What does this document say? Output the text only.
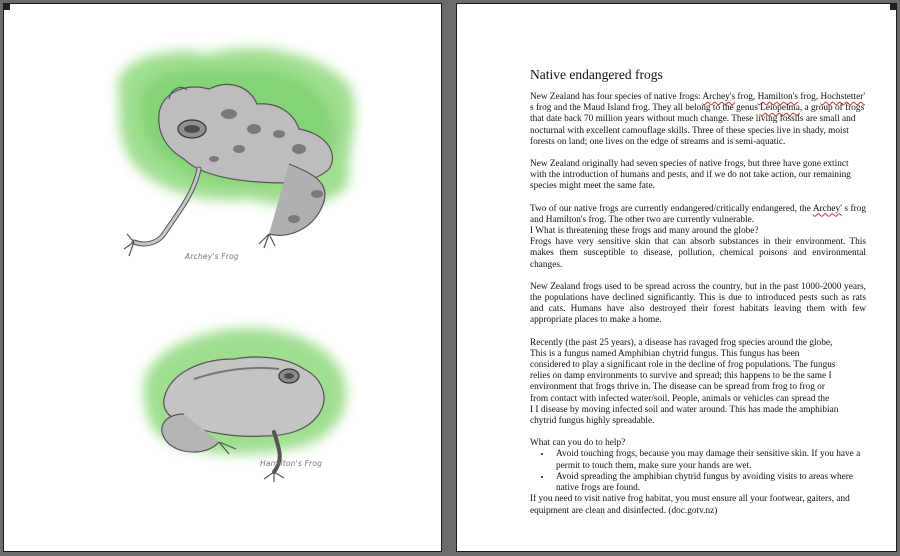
Archey's Frog
Hamilton's Frog
Native endangered frogs

New Zealand has four species of native frogs: Archey's frog, Hamilton's frog, Hochstetter' s frog and the Maud Island frog. They all belong to the genus Leiopelma, a group of frogs that date back 70 million years without much change. These living fossils are small and nocturnal with excellent camouflage skills. Three of these species live in shady, moist forests on land; one lives on the edge of streams and is semi-aquatic.

New Zealand originally had seven species of native frogs, but three have gone extinct with the introduction of humans and pests, and if we do not take action, our remaining species might meet the same fate.

Two of our native frogs are currently endangered/critically endangered, the Archey' s frog and Hamilton's frog. The other two are currently vulnerable.
I What is threatening these frogs and many around the globe?
Frogs have very sensitive skin that can absorb substances in their environment. This makes them susceptible to disease, pollution, chemical poisons and environmental changes.

New Zealand frogs used to be spread across the country, but in the past 1000-2000 years, the populations have declined significantly. This is due to introduced pests such as rats and cats. Humans have also destroyed their forest habitats leaving them with few appropriate places to make a home.

Recently (the past 25 years), a disease has ravaged frog species around the globe,
This is a fungus named Amphibian chytrid fungus. This fungus has been
considered to play a significant role in the decline of frog populations. The fungus
relies on damp environments to survive and spread; this happens to be the same I
environment that frogs thrive in. The disease can be spread from frog to frog or
from contact with infected water/soil. People, animals or vehicles can spread the
I I disease by moving infected soil and water around. This has made the amphibian
chytrid fungus highly spreadable.

What can you do to help?
• Avoid touching frogs, because you may damage their sensitive skin. If you have a permit to touch them, make sure your hands are wet.
• Avoid spreading the amphibian chytrid fungus by avoiding visits to areas where native frogs are found.
If you need to visit native frog habitat, you must ensure all your footwear, gaiters, and equipment are clean and disinfected. (doc.gotv.nz)
